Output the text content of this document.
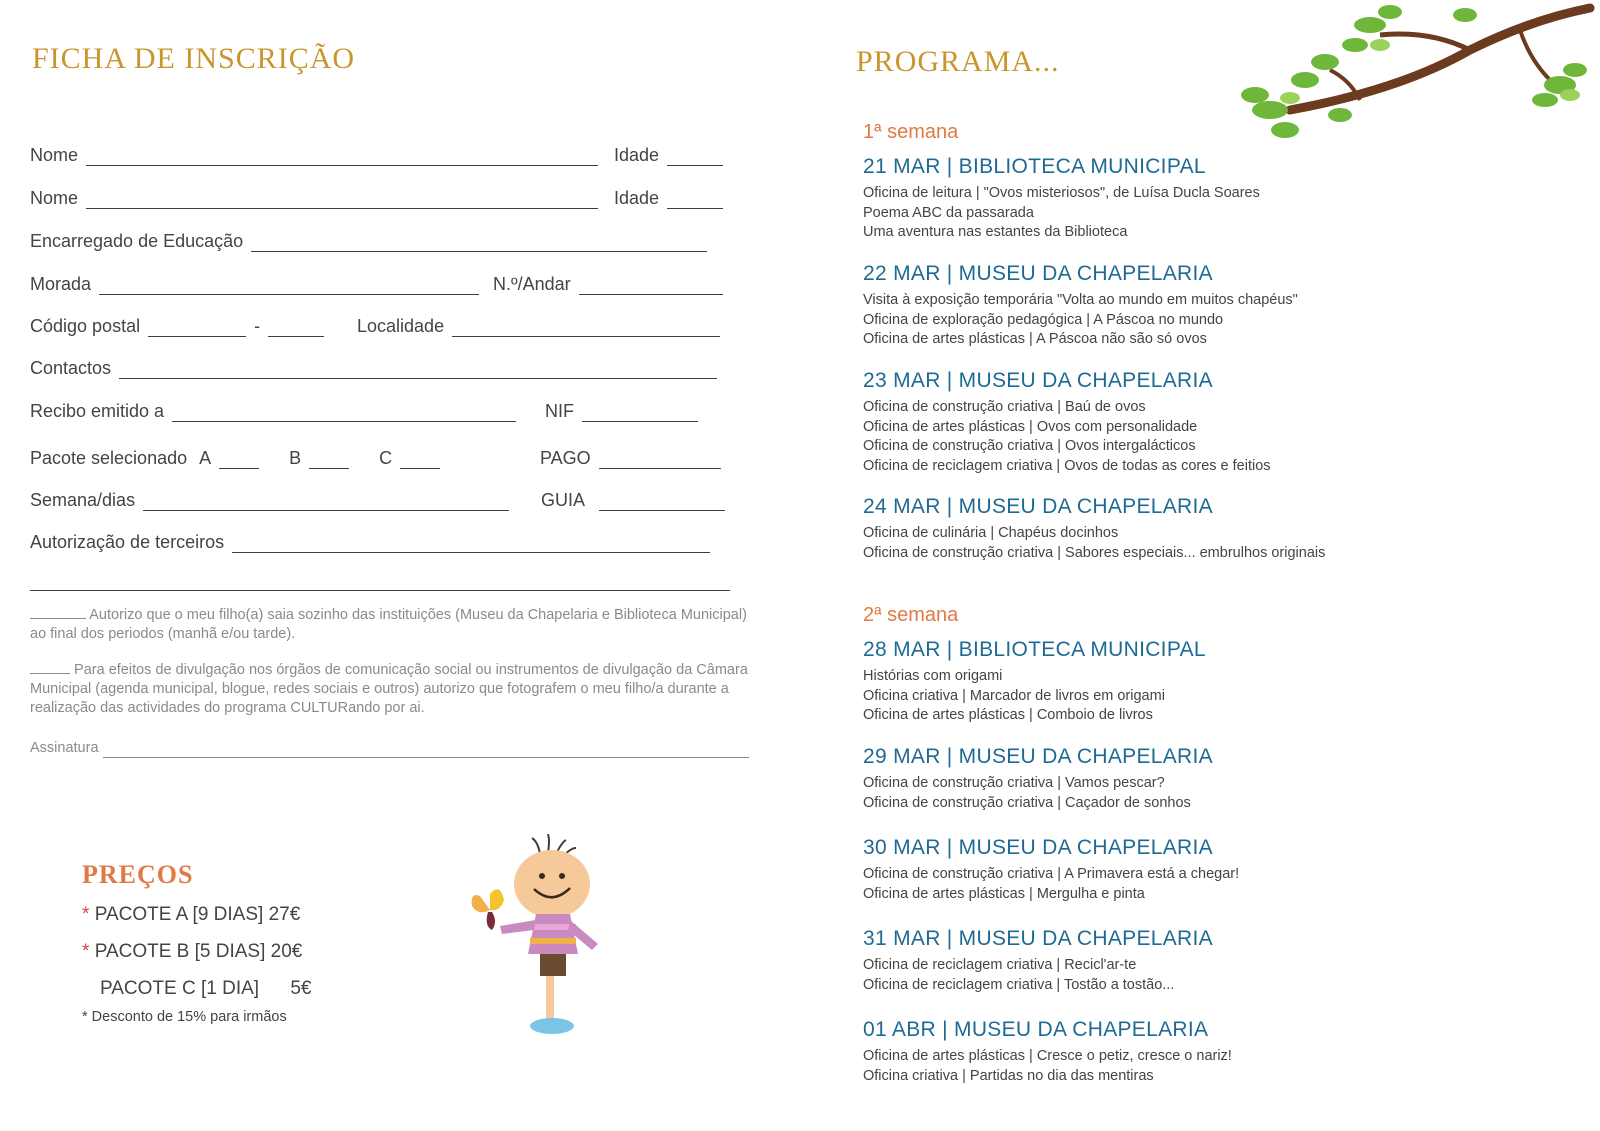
FICHA DE INSCRIÇÃO
Nome	Idade
Nome	Idade
Encarregado de Educação
Morada	N.º/Andar
Código postal	-	Localidade
Contactos
Recibo emitido a	NIF
Pacote selecionado A	B	C	PAGO
Semana/dias	GUIA
Autorização de terceiros
Autorizo que o meu filho(a) saia sozinho das instituições (Museu da Chapelaria e Biblioteca Municipal) ao final dos periodos (manhã e/ou tarde).
Para efeitos de divulgação nos órgãos de comunicação social ou instrumentos de divulgação da Câmara Municipal (agenda municipal, blogue, redes sociais e outros) autorizo que fotografem o meu filho/a durante a realização das actividades do programa CULTURando por ai.
Assinatura
PREÇOS
* PACOTE A [9 DIAS] 27€
* PACOTE B [5 DIAS] 20€
PACOTE C [1 DIA] 5€
* Desconto de 15% para irmãos
PROGRAMA...
1ª semana
2ª semana
21 MAR | BIBLIOTECA MUNICIPAL
Oficina de leitura | "Ovos misteriosos", de Luísa Ducla Soares
Poema ABC da passarada
Uma aventura nas estantes da Biblioteca
22 MAR | MUSEU DA CHAPELARIA
Visita à exposição temporária "Volta ao mundo em muitos chapéus"
Oficina de exploração pedagógica | A Páscoa no mundo
Oficina de artes plásticas | A Páscoa não são só ovos
23 MAR | MUSEU DA CHAPELARIA
Oficina de construção criativa | Baú de ovos
Oficina de artes plásticas | Ovos com personalidade
Oficina de construção criativa | Ovos intergalácticos
Oficina de reciclagem criativa | Ovos de todas as cores e feitios
24 MAR | MUSEU DA CHAPELARIA
Oficina de culinária | Chapéus docinhos
Oficina de construção criativa | Sabores especiais... embrulhos originais
28 MAR | BIBLIOTECA MUNICIPAL
Histórias com origami
Oficina criativa | Marcador de livros em origami
Oficina de artes plásticas | Comboio de livros
29 MAR | MUSEU DA CHAPELARIA
Oficina de construção criativa | Vamos pescar?
Oficina de construção criativa | Caçador de sonhos
30 MAR | MUSEU DA CHAPELARIA
Oficina de construção criativa | A Primavera está a chegar!
Oficina de artes plásticas | Mergulha e pinta
31 MAR | MUSEU DA CHAPELARIA
Oficina de reciclagem criativa | Recicl'ar-te
Oficina de reciclagem criativa | Tostão a tostão...
01 ABR | MUSEU DA CHAPELARIA
Oficina de artes plásticas | Cresce o petiz, cresce o nariz!
Oficina criativa | Partidas no dia das mentiras
